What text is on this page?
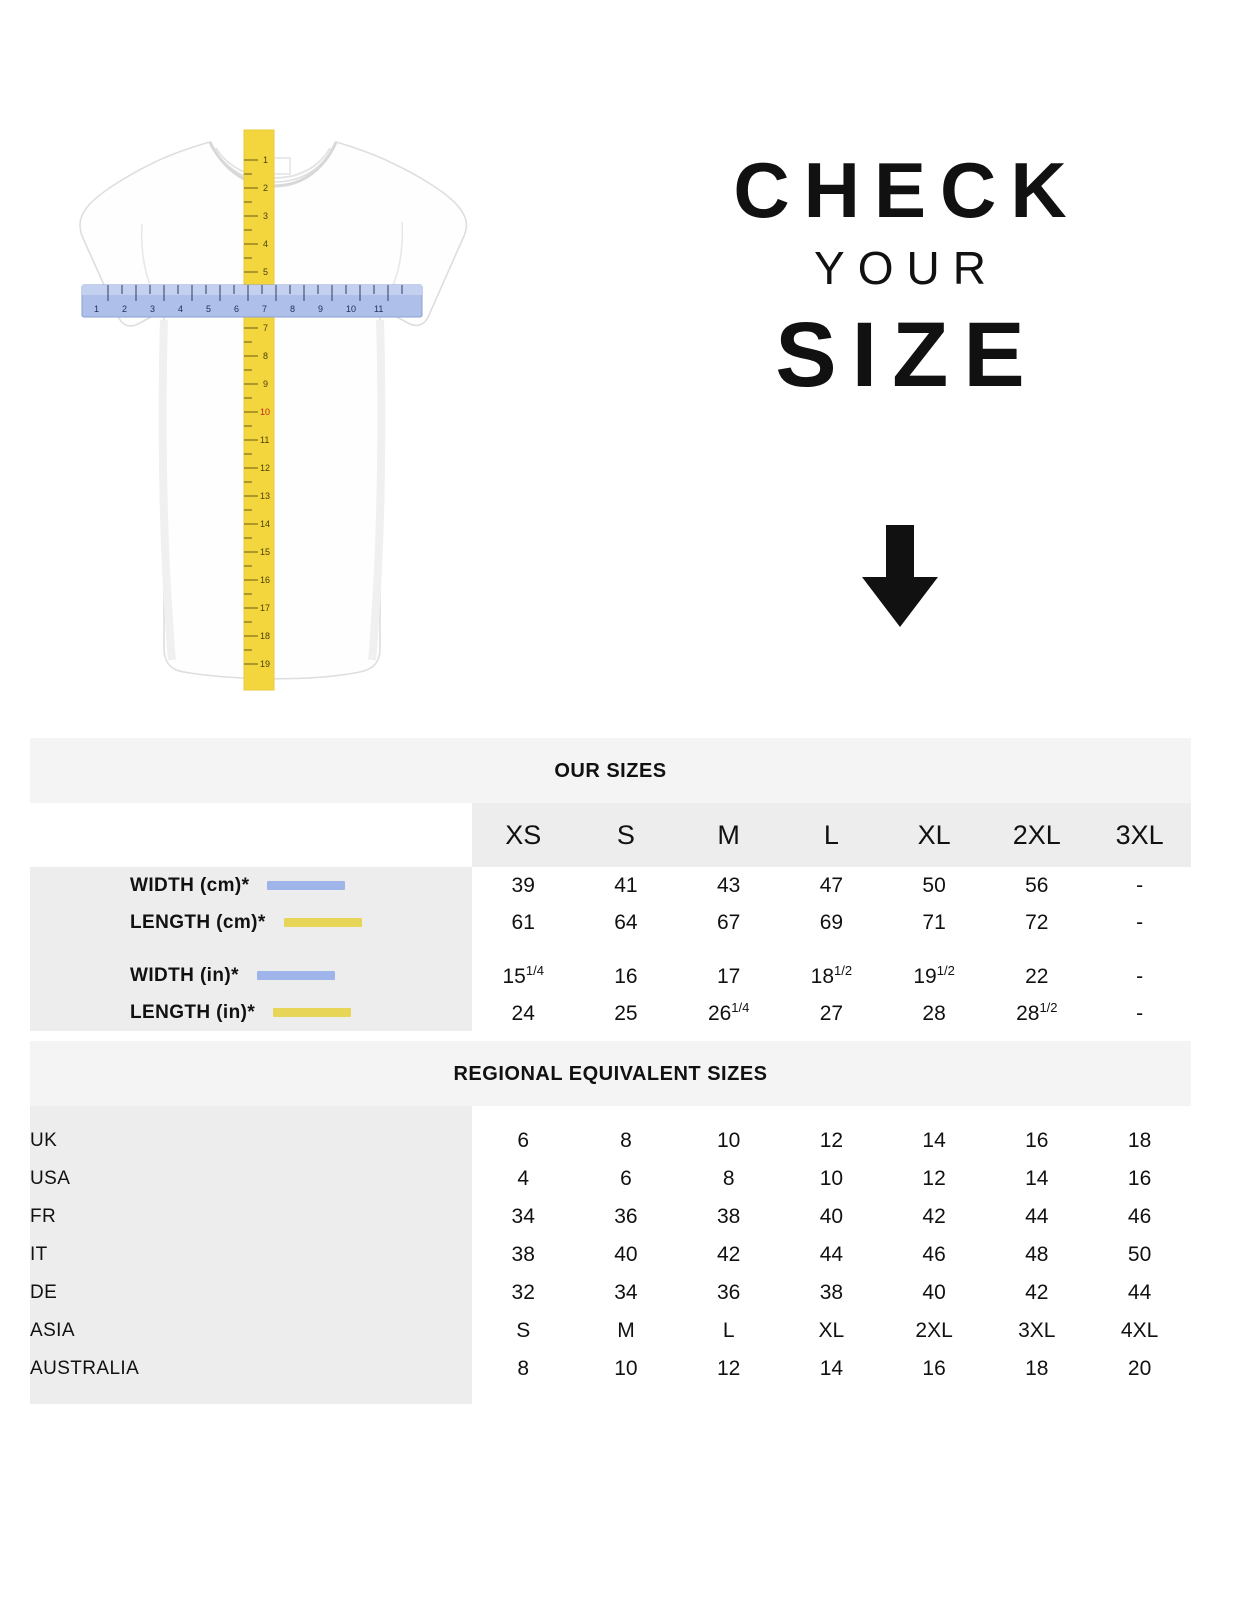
1
2
3
4
5
7
8
9
10
11
12
13
14
15
16
17
18
19
1	2	3	4	5	6	7	8	9	10 11
CHECK
YOUR
SIZE
OUR SIZES
	XS	S	M	L	XL	2XL	3XL

WIDTH (cm)*	39	41	43	47	50	56	-

LENGTH (cm)*	61	64	67	69	71	72	-

WIDTH (in)*	$15^{1/4}$	16	17	$18^{1/2}$	$19^{1/2}$	22	-

LENGTH (in)*	24	25	$26^{1/4}$	27	28	$28^{1/2}$	-
REGIONAL EQUIVALENT SIZES

UK	6	8	10	12	14	16	18
USA	4	6	8	10	12	14	16
FR	34	36	38	40	42	44	46
IT	38	40	42	44	46	48	50
DE	32	34	36	38	40	42	44
ASIA	S	M	L	XL	2XL	3XL	4XL
AUSTRALIA	8	10	12	14	16	18	20
